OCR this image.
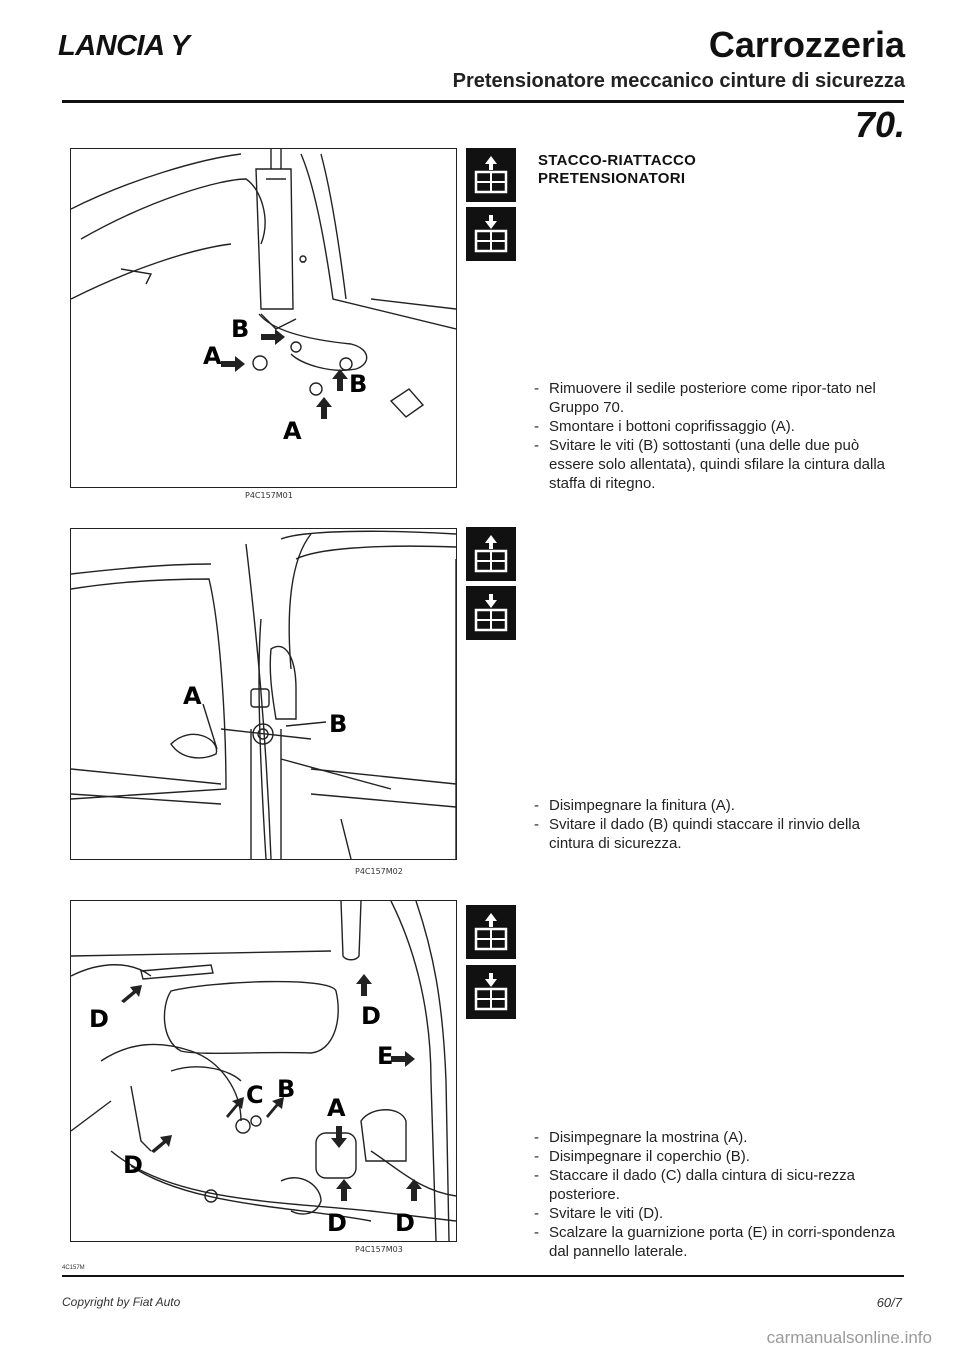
LANCIA Y	Carrozzeria
Pretensionatore meccanico cinture di sicurezza
70.
B
A
B
A
P4C157M01
A
B
P4C157M02
D	D
E
C B
A
D
D D
P4C157M03
STACCO-RIATTACCO
PRETENSIONATORI
- Rimuovere il sedile posteriore come ripor-tato nel Gruppo 70.
- Smontare i bottoni coprifissaggio (A).
- Svitare le viti (B) sottostanti (una delle due può essere solo allentata), quindi sfilare la cintura dalla staffa di ritegno.
- Disimpegnare la finitura (A).
- Svitare il dado (B) quindi staccare il rinvio della cintura di sicurezza.
- Disimpegnare la mostrina (A).
- Disimpegnare il coperchio (B).
- Staccare il dado (C) dalla cintura di sicu-rezza posteriore.
- Svitare le viti (D).
- Scalzare la guarnizione porta (E) in corri-spondenza dal pannello laterale.
4C157M
Copyright by Fiat Auto	60/7
carmanualsonline.info
